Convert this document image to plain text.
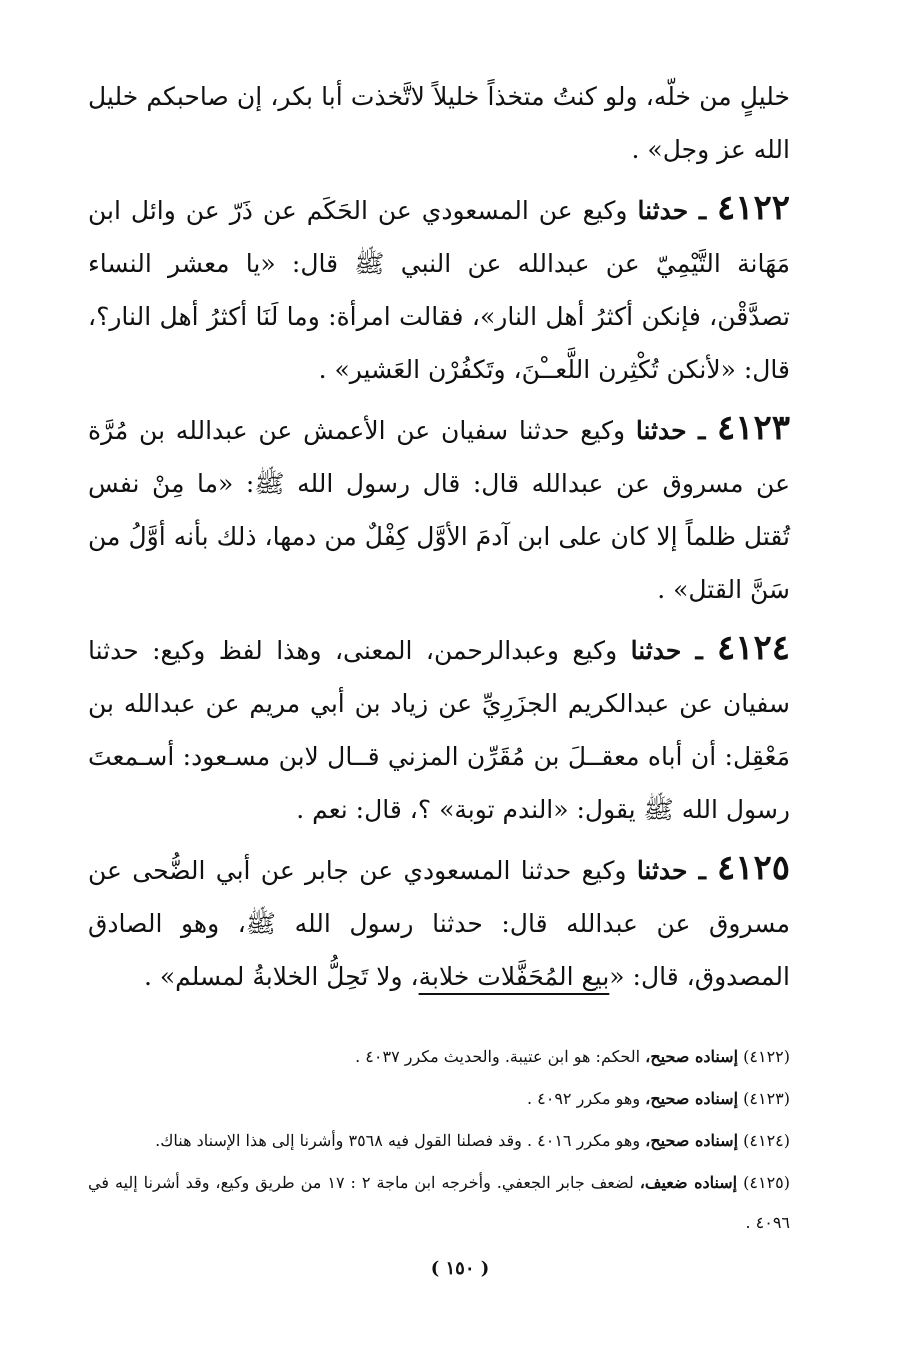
خليلٍ من خلّه، ولو كنتُ متخذاً خليلاً لاتَّخذت أبا بكر، إن صاحبكم خليل الله عز وجل» .

٤١٢٢ ـ حدثنا وكيع عن المسعودي عن الحَكَم عن ذَرّ عن وائل ابن مَهَانة التَّيْمِيّ عن عبدالله عن النبي ﷺ قال: «يا معشر النساء تصدَّقْن، فإنكن أكثرُ أهل النار»، فقالت امرأة: وما لَنَا أكثرُ أهل النار؟، قال: «لأنكن تُكْثِرن اللَّعــْنَ، وتَكفُرْن العَشير» .

٤١٢٣ ـ حدثنا وكيع حدثنا سفيان عن الأعمش عن عبدالله بن مُرَّة عن مسروق عن عبدالله قال: قال رسول الله ﷺ: «ما مِنْ نفس تُقتل ظلماً إلا كان على ابن آدمَ الأوَّل كِفْلٌ من دمها، ذلك بأنه أوَّلُ من سَنَّ القتل» .

٤١٢٤ ـ حدثنا وكيع وعبدالرحمن، المعنى، وهذا لفظ وكيع: حدثنا سفيان عن عبدالكريم الجزَرِيِّ عن زياد بن أبي مريم عن عبدالله بن مَعْقِل: أن أباه معقــلَ بن مُقَرِّن المزني قــال لابن مسـعود: أسـمعتَ رسول الله ﷺ يقول: «الندم توبة» ؟، قال: نعم .

٤١٢٥ ـ حدثنا وكيع حدثنا المسعودي عن جابر عن أبي الضُّحى عن مسروق عن عبدالله قال: حدثنا رسول الله ﷺ، وهو الصادق المصدوق، قال: «بيع المُحَفَّلات خلابة، ولا تَحِلُّ الخلابةُ لمسلم» .

(٤١٢٢) إسناده صحيح، الحكم: هو ابن عتيبة. والحديث مكرر ٤٠٣٧ .

(٤١٢٣) إسناده صحيح، وهو مكرر ٤٠٩٢ .

(٤١٢٤) إسناده صحيح، وهو مكرر ٤٠١٦ . وقد فصلنا القول فيه ٣٥٦٨ وأشرنا إلى هذا الإسناد هناك.

(٤١٢٥) إسناده ضعيف، لضعف جابر الجعفي. وأخرجه ابن ماجة ٢ : ١٧ من طريق وكيع، وقد أشرنا إليه في ٤٠٩٦ .

( ١٥٠ )
